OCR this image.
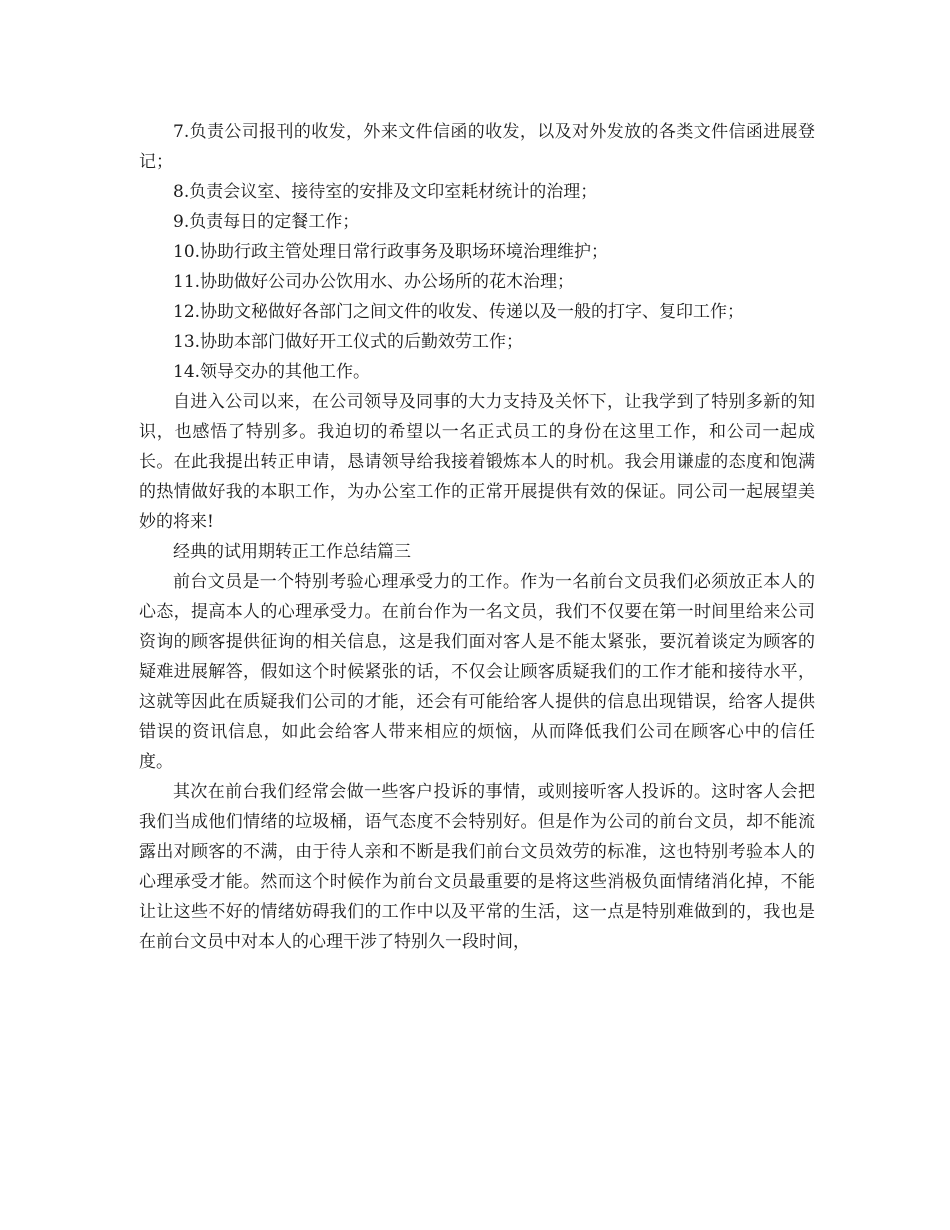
7.负责公司报刊的收发，外来文件信函的收发，以及对外发放的各类文件信函进展登记；

8.负责会议室、接待室的安排及文印室耗材统计的治理；

9.负责每日的定餐工作；

10.协助行政主管处理日常行政事务及职场环境治理维护；

11.协助做好公司办公饮用水、办公场所的花木治理；

12.协助文秘做好各部门之间文件的收发、传递以及一般的打字、复印工作；

13.协助本部门做好开工仪式的后勤效劳工作；

14.领导交办的其他工作。

自进入公司以来，在公司领导及同事的大力支持及关怀下，让我学到了特别多新的知识，也感悟了特别多。我迫切的希望以一名正式员工的身份在这里工作，和公司一起成长。在此我提出转正申请，恳请领导给我接着锻炼本人的时机。我会用谦虚的态度和饱满的热情做好我的本职工作，为办公室工作的正常开展提供有效的保证。同公司一起展望美妙的将来!

经典的试用期转正工作总结篇三

前台文员是一个特别考验心理承受力的工作。作为一名前台文员我们必须放正本人的心态，提高本人的心理承受力。在前台作为一名文员，我们不仅要在第一时间里给来公司资询的顾客提供征询的相关信息，这是我们面对客人是不能太紧张，要沉着谈定为顾客的疑难进展解答，假如这个时候紧张的话，不仅会让顾客质疑我们的工作才能和接待水平，这就等因此在质疑我们公司的才能，还会有可能给客人提供的信息出现错误，给客人提供错误的资讯信息，如此会给客人带来相应的烦恼，从而降低我们公司在顾客心中的信任度。

其次在前台我们经常会做一些客户投诉的事情，或则接听客人投诉的。这时客人会把我们当成他们情绪的垃圾桶，语气态度不会特别好。但是作为公司的前台文员，却不能流露出对顾客的不满，由于待人亲和不断是我们前台文员效劳的标准，这也特别考验本人的心理承受才能。然而这个时候作为前台文员最重要的是将这些消极负面情绪消化掉，不能让让这些不好的情绪妨碍我们的工作中以及平常的生活，这一点是特别难做到的，我也是在前台文员中对本人的心理干涉了特别久一段时间，
